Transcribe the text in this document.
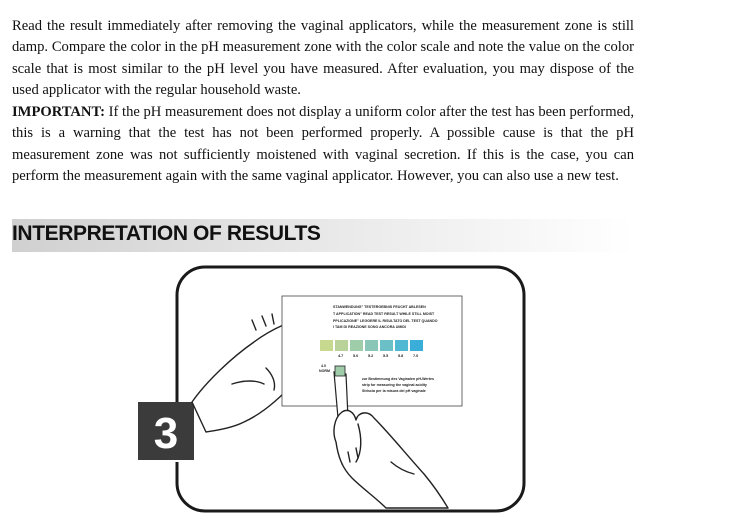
Read the result immediately after removing the vaginal applicators, while the measurement zone is still damp. Compare the color in the pH measurement zone with the color scale and note the value on the color scale that is most similar to the pH level you have measured. After evaluation, you may dispose of the used applicator with the regular household waste.

IMPORTANT: If the pH measurement does not display a uniform color after the test has been performed, this is a warning that the test has not been performed properly. A possible cause is that the pH measurement zone was not sufficiently moistened with vaginal secretion. If this is the case, you can perform the measurement again with the same vaginal applicator. However, you can also use a new test.

INTERPRETATION OF RESULTS
3
STANWENDUNG" TESTERGEBNIS FEUCHT ABLESEN
T APPLICATION" READ TEST RESULT WHILE STILL MOIST
PPLICAZIONE" LEGGERE IL RISULTATO DEL TEST QUANDO
I TAM DI REAZIONE SONO ANCORA UMIDI
4.7	5.0	5.2	5.5	5.8	7.0
4.0
NORM
zur Bestimmung des Vaginalen pH-Wertes
strip for measuring the vaginal acidity
Striscia per la misura del pH vaginale
